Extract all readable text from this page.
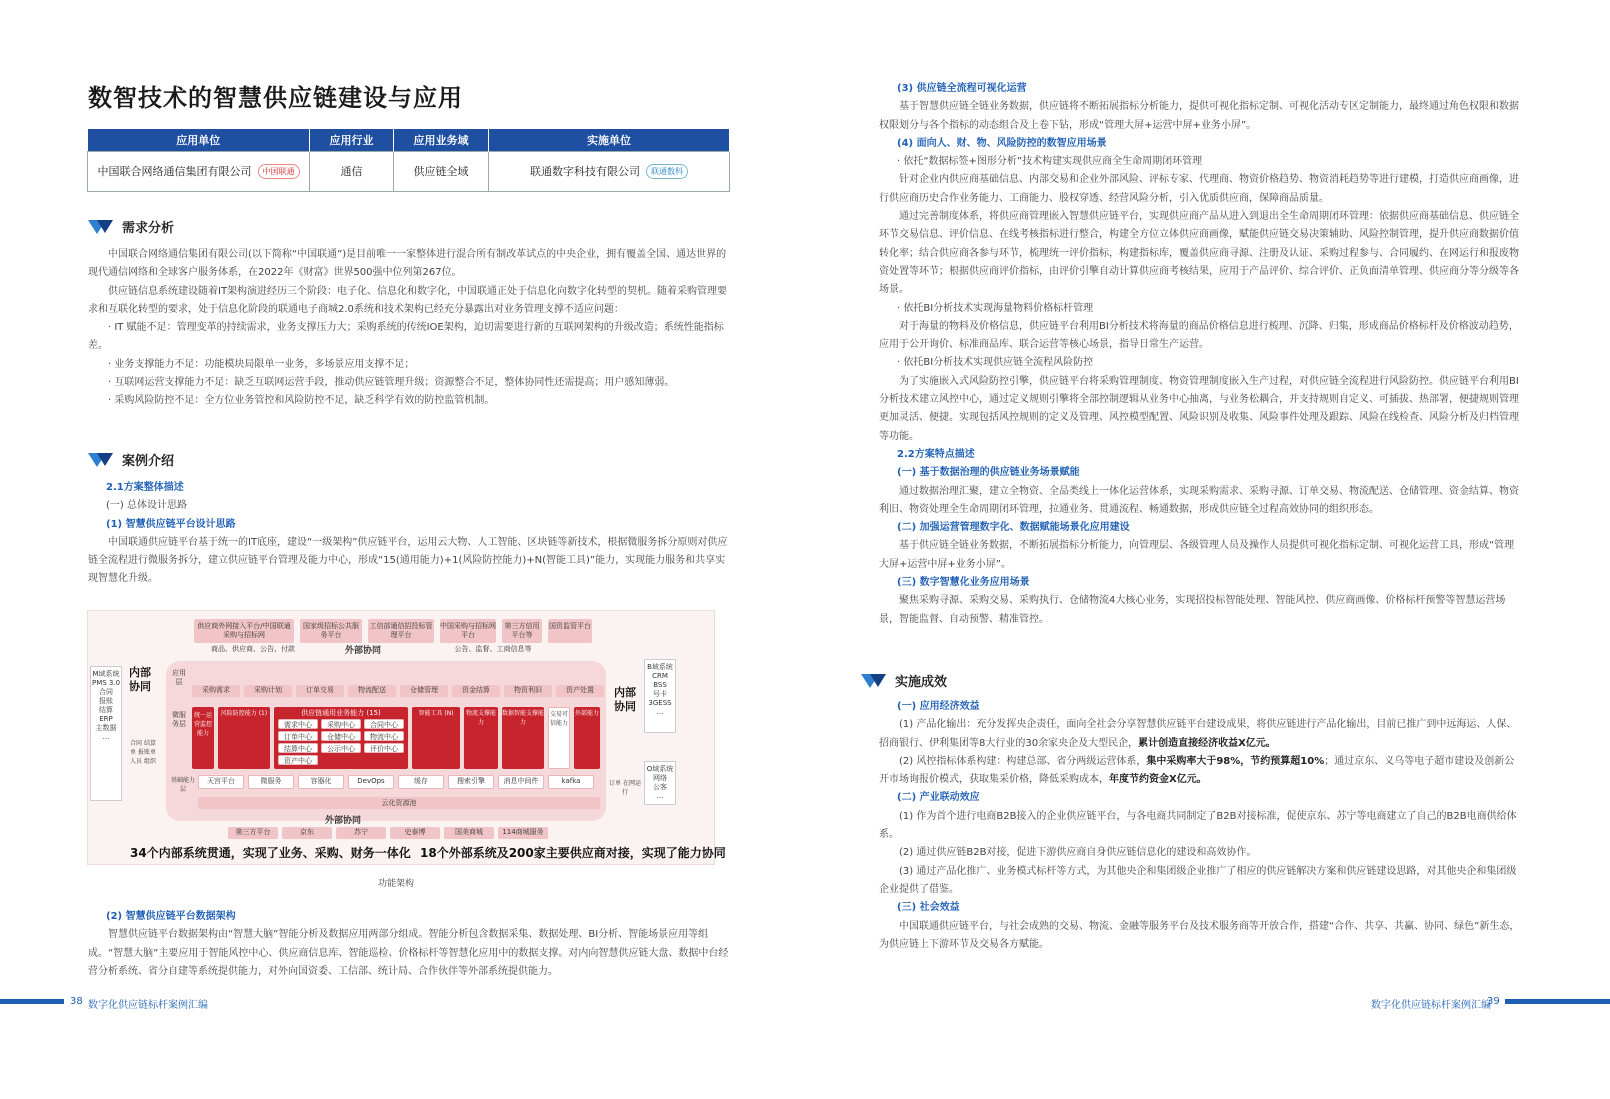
数智技术的智慧供应链建设与应用
应用单位	应用行业	应用业务域	实施单位
中国联合网络通信集团有限公司 中国联通	通信	供应链全域	联通数字科技有限公司 联通数科
需求分析

中国联合网络通信集团有限公司(以下简称“中国联通”)是目前唯一一家整体进行混合所有制改革试点的中央企业，拥有覆盖全国、通达世界的现代通信网络和全球客户服务体系，在2022年《财富》世界500强中位列第267位。

供应链信息系统建设随着IT架构演进经历三个阶段：电子化、信息化和数字化，中国联通正处于信息化向数字化转型的契机。随着采购管理要求和互联化转型的要求，处于信息化阶段的联通电子商城2.0系统和技术架构已经充分暴露出对业务管理支撑不适应问题：

· IT 赋能不足：管理变革的持续需求，业务支撑压力大；采购系统的传统IOE架构，迫切需要进行新的互联网架构的升级改造；系统性能指标差。

· 业务支撑能力不足：功能模块局限单一业务，多场景应用支撑不足；

· 互联网运营支撑能力不足：缺乏互联网运营手段，推动供应链管理升级；资源整合不足，整体协同性还需提高；用户感知薄弱。

· 采购风险防控不足：全方位业务管控和风险防控不足，缺乏科学有效的防控监管机制。

案例介绍

2.1方案整体描述

(一) 总体设计思路

(1) 智慧供应链平台设计思路

中国联通供应链平台基于统一的IT底座，建设“一级架构”供应链平台，运用云大物、人工智能、区块链等新技术，根据微服务拆分原则对供应链全流程进行微服务拆分，建立供应链平台管理及能力中心，形成“15(通用能力)+1(风险防控能力)+N(智能工具)”能力，实现能力服务和共享实现智慧化升级。

供应商外网接入平台/中国联通采购与招标网
国家级招标公共服务平台
工信部通信招投标管理平台
中国采购与招标网平台
第三方信用平台等
国资监管平台
商品、供应商、公告、付款	公告、监督、工商信息等
外部协同
M域系统
PMS 3.0
合同
报账
结算
ERP
主数据
...
内部协同
合同 结算单 报账单 人员 组织
应用层
微服务层
基础能力层
采购需求	采购计划	订单交易	物流配送	仓储管理	资金结算	物资利旧	资产处置
统一运营监控能力
风险防控能力 (1)	供应链通用业务能力 (15)
需求中心	采购中心	合同中心
订单中心	仓储中心	物流中心
结算中心	公示中心	评价中心
资产中心
智能工具 (N)	物流支撑能力
数据智能支撑能力
交易可信能力
外部能力
天宫平台	微服务	容器化	DevOps	缓存	搜索引擎	消息中间件	kafka
云化资源池
内部协同
B域系统
CRM
BSS
号卡
3GESS
...
订单 在网运行
O域系统
网络
公客
...
外部协同
第三方平台	京东	苏宁	史泰博	国美商城	114商城服务
34个内部系统贯通，实现了业务、采购、财务一体化 18个外部系统及200家主要供应商对接，实现了能力协同
功能架构

(2) 智慧供应链平台数据架构

智慧供应链平台数据架构由“智慧大脑”智能分析及数据应用两部分组成。智能分析包含数据采集、数据处理、BI分析、智能场景应用等组成。“智慧大脑”主要应用于智能风控中心、供应商信息库、智能巡检、价格标杆等智慧化应用中的数据支撑。对内向智慧供应链大盘、数据中台经营分析系统、省分自建等系统提供能力，对外向国资委、工信部、统计局、合作伙伴等外部系统提供能力。

38 数字化供应链标杆案例汇编

(3) 供应链全流程可视化运营

基于智慧供应链全链业务数据，供应链将不断拓展指标分析能力，提供可视化指标定制、可视化活动专区定制能力，最终通过角色权限和数据权限划分与各个指标的动态组合及上卷下钻，形成“管理大屏+运营中屏+业务小屏”。

(4) 面向人、财、物、风险防控的数智应用场景

· 依托“数据标签+图形分析”技术构建实现供应商全生命周期闭环管理

针对企业内供应商基础信息、内部交易和企业外部风险、评标专家、代理商、物资价格趋势、物资消耗趋势等进行建模，打造供应商画像，进行供应商历史合作业务能力、工商能力、股权穿透、经营风险分析，引入优质供应商，保障商品质量。

通过完善制度体系，将供应商管理嵌入智慧供应链平台，实现供应商产品从进入到退出全生命周期闭环管理：依据供应商基础信息、供应链全环节交易信息、评价信息、在线考核指标进行整合，构建全方位立体供应商画像，赋能供应链交易决策辅助、风险控制管理，提升供应商数据价值转化率；结合供应商各参与环节，梳理统一评价指标，构建指标库，覆盖供应商寻源、注册及认证、采购过程参与、合同履约、在网运行和报废物资处置等环节；根据供应商评价指标，由评价引擎自动计算供应商考核结果，应用于产品评价、综合评价、正负面清单管理、供应商分等分级等各场景。

· 依托BI分析技术实现海量物料价格标杆管理

对于海量的物料及价格信息，供应链平台利用BI分析技术将海量的商品价格信息进行梳理、沉降、归集，形成商品价格标杆及价格波动趋势，应用于公开询价、标准商品库、联合运营等核心场景，指导日常生产运营。

· 依托BI分析技术实现供应链全流程风险防控

为了实施嵌入式风险防控引擎，供应链平台将采购管理制度、物资管理制度嵌入生产过程，对供应链全流程进行风险防控。供应链平台利用BI 分析技术建立风控中心，通过定义规则引擎将全部控制逻辑从业务中心抽离，与业务松耦合，并支持规则自定义、可插拔、热部署，便捷规则管理更加灵活、便捷。实现包括风控规则的定义及管理、风控模型配置、风险识别及收集、风险事件处理及跟踪、风险在线检查、风险分析及归档管理等功能。

2.2方案特点描述

(一) 基于数据治理的供应链业务场景赋能

通过数据治理汇聚，建立全物资、全品类线上一体化运营体系，实现采购需求、采购寻源、订单交易、物流配送、仓储管理、资金结算、物资利旧、物资处理全生命周期闭环管理，拉通业务、贯通流程、畅通数据，形成供应链全过程高效协同的组织形态。

(二) 加强运营管理数字化、数据赋能场景化应用建设

基于供应链全链业务数据，不断拓展指标分析能力，向管理层、各级管理人员及操作人员提供可视化指标定制、可视化运营工具，形成“管理大屏+运营中屏+业务小屏”。

(三) 数字智慧化业务应用场景

聚焦采购寻源、采购交易、采购执行、仓储物流4大核心业务，实现招投标智能处理、智能风控、供应商画像、价格标杆预警等智慧运营场景，智能监督、自动预警、精准管控。

实施成效

(一) 应用经济效益

(1) 产品化输出：充分发挥央企责任，面向全社会分享智慧供应链平台建设成果，将供应链进行产品化输出，目前已推广到中远海运、人保、招商银行、伊利集团等8大行业的30余家央企及大型民企，累计创造直接经济收益X亿元。

(2) 风控指标体系构建：构建总部、省分两级运营体系，集中采购率大于98%，节约预算超10%；通过京东、义乌等电子超市建设及创新公开市场询报价模式，获取集采价格，降低采购成本，年度节约资金X亿元。

(二) 产业联动效应

(1) 作为首个进行电商B2B接入的企业供应链平台，与各电商共同制定了B2B对接标准，促使京东、苏宁等电商建立了自己的B2B电商供给体系。

(2) 通过供应链B2B对接，促进下游供应商自身供应链信息化的建设和高效协作。

(3) 通过产品化推广、业务模式标杆等方式，为其他央企和集团级企业推广了相应的供应链解决方案和供应链建设思路，对其他央企和集团级企业提供了借鉴。

(三) 社会效益

中国联通供应链平台，与社会成熟的交易、物流、金融等服务平台及技术服务商等开放合作，搭建“合作、共享、共赢、协同、绿色”新生态，为供应链上下游环节及交易各方赋能。

数字化供应链标杆案例汇编
39
